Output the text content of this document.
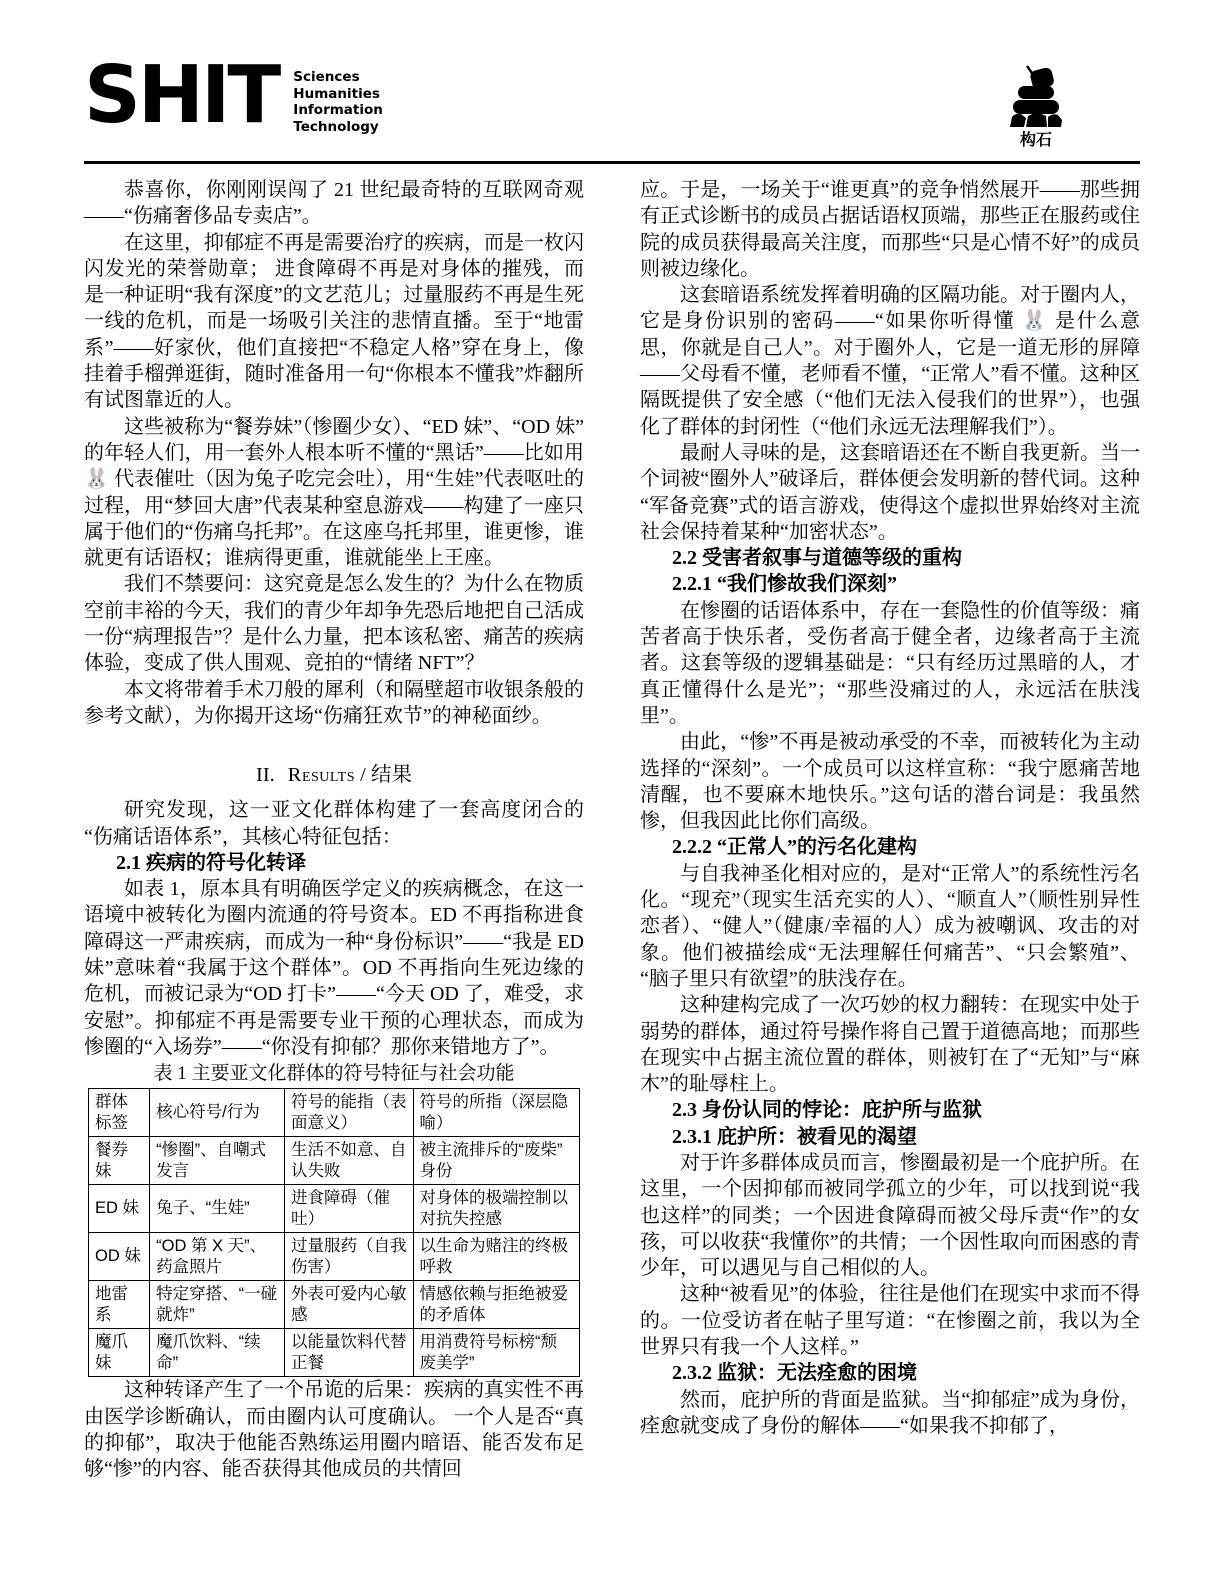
SHIT Sciences
Humanities
Information
Technology
构石

恭喜你，你刚刚误闯了 21 世纪最奇特的互联网奇观——“伤痛奢侈品专卖店”。

在这里，抑郁症不再是需要治疗的疾病，而是一枚闪闪发光的荣誉勋章； 进食障碍不再是对身体的摧残，而是一种证明“我有深度”的文艺范儿；过量服药不再是生死一线的危机，而是一场吸引关注的悲情直播。至于“地雷系”——好家伙，他们直接把“不稳定人格”穿在身上，像挂着手榴弹逛街，随时准备用一句“你根本不懂我”炸翻所有试图靠近的人。

这些被称为“餐券妹”（惨圈少女）、“ED 妹”、“OD 妹”的年轻人们，用一套外人根本听不懂的“黑话”——比如用 🐰 代表催吐（因为兔子吃完会吐），用“生娃”代表呕吐的过程，用“梦回大唐”代表某种窒息游戏——构建了一座只属于他们的“伤痛乌托邦”。在这座乌托邦里，谁更惨，谁就更有话语权；谁病得更重，谁就能坐上王座。

我们不禁要问：这究竟是怎么发生的？为什么在物质空前丰裕的今天，我们的青少年却争先恐后地把自己活成一份“病理报告”？是什么力量，把本该私密、痛苦的疾病体验，变成了供人围观、竞拍的“情绪 NFT”？

本文将带着手术刀般的犀利（和隔壁超市收银条般的参考文献），为你揭开这场“伤痛狂欢节”的神秘面纱。

II. Results / 结果

研究发现，这一亚文化群体构建了一套高度闭合的“伤痛话语体系”，其核心特征包括：

2.1 疾病的符号化转译

如表 1，原本具有明确医学定义的疾病概念，在这一语境中被转化为圈内流通的符号资本。ED 不再指称进食障碍这一严肃疾病，而成为一种“身份标识”——“我是 ED 妹”意味着“我属于这个群体”。OD 不再指向生死边缘的危机，而被记录为“OD 打卡”——“今天 OD 了，难受，求安慰”。抑郁症不再是需要专业干预的心理状态，而成为惨圈的“入场券”——“你没有抑郁？那你来错地方了”。

表 1 主要亚文化群体的符号特征与社会功能
群体标签	核心符号/行为	符号的能指（表面意义）	符号的所指（深层隐喻）
餐券妹	“惨圈”、自嘲式发言	生活不如意、自认失败	被主流排斥的“废柴”身份
ED 妹	兔子、“生娃”	进食障碍（催吐）	对身体的极端控制以对抗失控感
OD 妹	“OD 第 X 天”、药盒照片	过量服药（自我伤害）	以生命为赌注的终极呼救
地雷系	特定穿搭、“一碰就炸”	外表可爱内心敏感	情感依赖与拒绝被爱的矛盾体
魔爪妹	魔爪饮料、“续命”	以能量饮料代替正餐	用消费符号标榜“颓废美学”

这种转译产生了一个吊诡的后果：疾病的真实性不再由医学诊断确认，而由圈内认可度确认。 一个人是否“真的抑郁”，取决于他能否熟练运用圈内暗语、能否发布足够“惨”的内容、能否获得其他成员的共情回

应。于是，一场关于“谁更真”的竞争悄然展开——那些拥有正式诊断书的成员占据话语权顶端，那些正在服药或住院的成员获得最高关注度，而那些“只是心情不好”的成员则被边缘化。

这套暗语系统发挥着明确的区隔功能。对于圈内人，它是身份识别的密码——“如果你听得懂 🐰 是什么意思，你就是自己人”。对于圈外人，它是一道无形的屏障——父母看不懂，老师看不懂，“正常人”看不懂。这种区隔既提供了安全感（“他们无法入侵我们的世界”），也强化了群体的封闭性（“他们永远无法理解我们”）。

最耐人寻味的是，这套暗语还在不断自我更新。当一个词被“圈外人”破译后，群体便会发明新的替代词。这种“军备竞赛”式的语言游戏，使得这个虚拟世界始终对主流社会保持着某种“加密状态”。

2.2 受害者叙事与道德等级的重构
2.2.1 “我们惨故我们深刻”

在惨圈的话语体系中，存在一套隐性的价值等级：痛苦者高于快乐者，受伤者高于健全者，边缘者高于主流者。这套等级的逻辑基础是：“只有经历过黑暗的人，才真正懂得什么是光”；“那些没痛过的人，永远活在肤浅里”。

由此，“惨”不再是被动承受的不幸，而被转化为主动选择的“深刻”。一个成员可以这样宣称：“我宁愿痛苦地清醒，也不要麻木地快乐。”这句话的潜台词是：我虽然惨，但我因此比你们高级。

2.2.2 “正常人”的污名化建构

与自我神圣化相对应的，是对“正常人”的系统性污名化。“现充”（现实生活充实的人）、“顺直人”（顺性别异性恋者）、“健人”（健康/幸福的人）成为被嘲讽、攻击的对象。他们被描绘成“无法理解任何痛苦”、“只会繁殖”、“脑子里只有欲望”的肤浅存在。

这种建构完成了一次巧妙的权力翻转：在现实中处于弱势的群体，通过符号操作将自己置于道德高地；而那些在现实中占据主流位置的群体，则被钉在了“无知”与“麻木”的耻辱柱上。

2.3 身份认同的悖论：庇护所与监狱
2.3.1 庇护所：被看见的渴望

对于许多群体成员而言，惨圈最初是一个庇护所。在这里，一个因抑郁而被同学孤立的少年，可以找到说“我也这样”的同类；一个因进食障碍而被父母斥责“作”的女孩，可以收获“我懂你”的共情；一个因性取向而困惑的青少年，可以遇见与自己相似的人。

这种“被看见”的体验，往往是他们在现实中求而不得的。一位受访者在帖子里写道：“在惨圈之前，我以为全世界只有我一个人这样。”

2.3.2 监狱：无法痊愈的困境

然而，庇护所的背面是监狱。当“抑郁症”成为身份，痊愈就变成了身份的解体——“如果我不抑郁了，
